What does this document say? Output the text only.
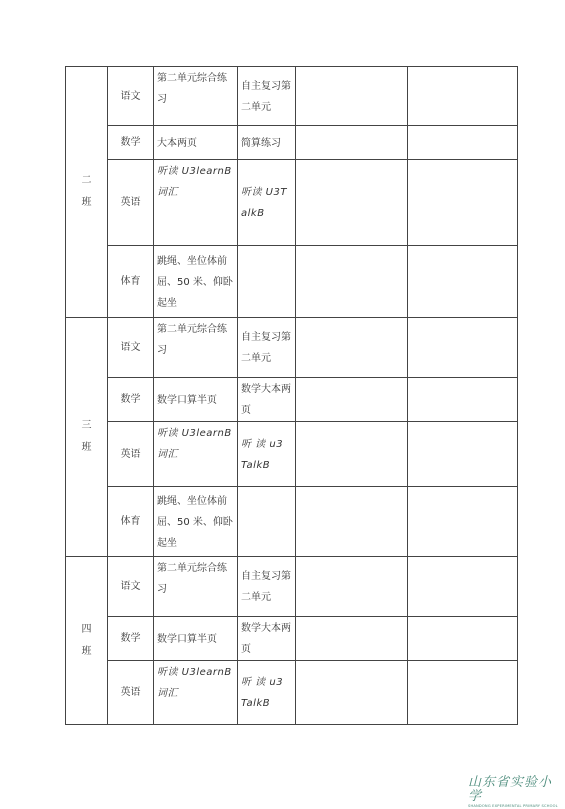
二
班	语文	第二单元综合练习	自主复习第二单元		

	数学	大本两页	简算练习		

	英语	听读 U3learnB 词汇	听读 U3TalkB		

	体育	跳绳、坐位体前屈、50 米、仰卧起坐			

三
班	语文	第二单元综合练习	自主复习第二单元		

	数学	数学口算半页	数学大本两页		

	英语	听读 U3learnB 词汇	听 读 u3 TalkB		

	体育	跳绳、坐位体前屈、50 米、仰卧起坐			

四
班	语文	第二单元综合练习	自主复习第二单元		

	数学	数学口算半页	数学大本两页		

	英语	听读 U3learnB 词汇	听 读 u3 TalkB		

山东省实验小学
SHANDONG EXPERIMENTAL PRIMARY SCHOOL
